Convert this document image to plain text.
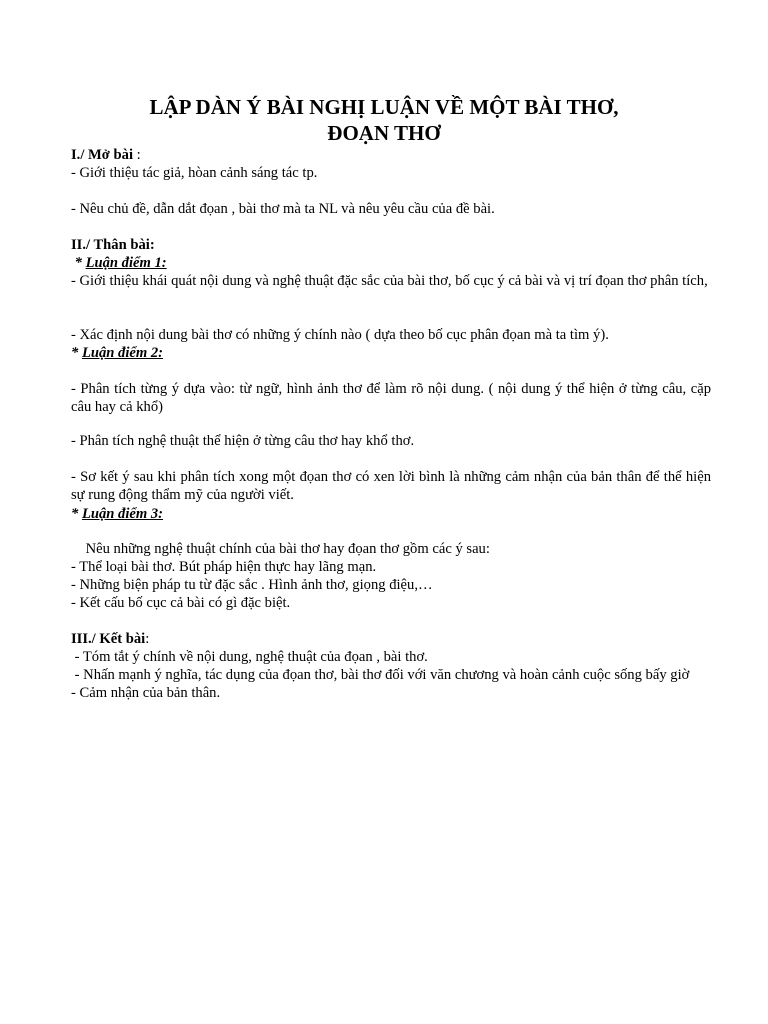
LẬP DÀN Ý BÀI NGHỊ LUẬN VỀ MỘT BÀI THƠ,
ĐOẠN THƠ
I./ Mở bài :
- Giới thiệu tác giả, hòan cảnh sáng tác tp.
- Nêu chủ đề, dẫn dắt đọan , bài thơ mà ta NL và nêu yêu cầu của đề bài.
II./ Thân bài:
* Luận điểm 1:
- Giới thiệu khái quát nội dung và nghệ thuật đặc sắc của bài thơ, bố cục ý cả bài và vị trí đọan thơ phân tích,
- Xác định nội dung bài thơ có những ý chính nào ( dựa theo bố cục phân đọan mà ta tìm ý).
* Luận điểm 2:
- Phân tích từng ý dựa vào: từ ngữ, hình ảnh thơ để làm rõ nội dung. ( nội dung ý thể hiện ở từng câu, cặp câu hay cả khổ)
- Phân tích nghệ thuật thể hiện ở từng câu thơ hay khổ thơ.
- Sơ kết ý sau khi phân tích xong một đọan thơ có xen lời bình là những cảm nhận của bản thân để thể hiện sự rung động thẩm mỹ của người viết.
* Luận điểm 3:
Nêu những nghệ thuật chính của bài thơ hay đọan thơ gồm các ý sau:
- Thể loại bài thơ. Bút pháp hiện thực hay lãng mạn.
- Những biện pháp tu từ đặc sắc . Hình ảnh thơ, giọng điệu,…
- Kết cấu bố cục cả bài có gì đặc biệt.
III./ Kết bài:
- Tóm tắt ý chính về nội dung, nghệ thuật của đọan , bài thơ.
- Nhấn mạnh ý nghĩa, tác dụng của đọan thơ, bài thơ đối với văn chương và hoàn cảnh cuộc sống bấy giờ
- Cảm nhận của bản thân.
